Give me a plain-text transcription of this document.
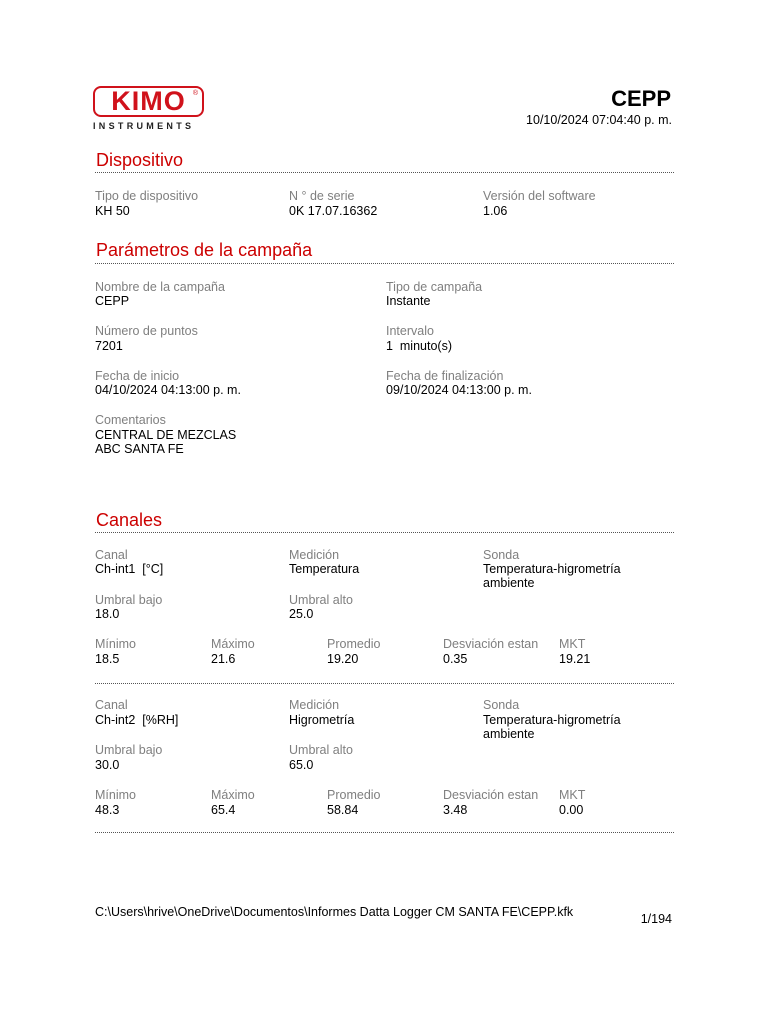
KIMO ®
INSTRUMENTS
CEPP
10/10/2024 07:04:40 p. m.
Dispositivo
Tipo de dispositivo
KH 50
N ° de serie
0K 17.07.16362
Versión del software
1.06
Parámetros de la campaña
Nombre de la campaña
CEPP
Tipo de campaña
Instante
Número de puntos
7201
Intervalo
1  minuto(s)
Fecha de inicio
04/10/2024 04:13:00 p. m.
Fecha de finalización
09/10/2024 04:13:00 p. m.
Comentarios
CENTRAL DE MEZCLAS
ABC SANTA FE
Canales
Canal
Ch-int1  [°C]
Medición
Temperatura
Sonda
Temperatura-higrometría
ambiente
Umbral bajo
18.0
Umbral alto
25.0
Mínimo
18.5
Máximo
21.6
Promedio
19.20
Desviación estan
0.35
MKT
19.21
Canal
Ch-int2  [%RH]
Medición
Higrometría
Sonda
Temperatura-higrometría
ambiente
Umbral bajo
30.0
Umbral alto
65.0
Mínimo
48.3
Máximo
65.4
Promedio
58.84
Desviación estan
3.48
MKT
0.00
C:\Users\hrive\OneDrive\Documentos\Informes Datta Logger CM SANTA FE\CEPP.kfk	1/194
